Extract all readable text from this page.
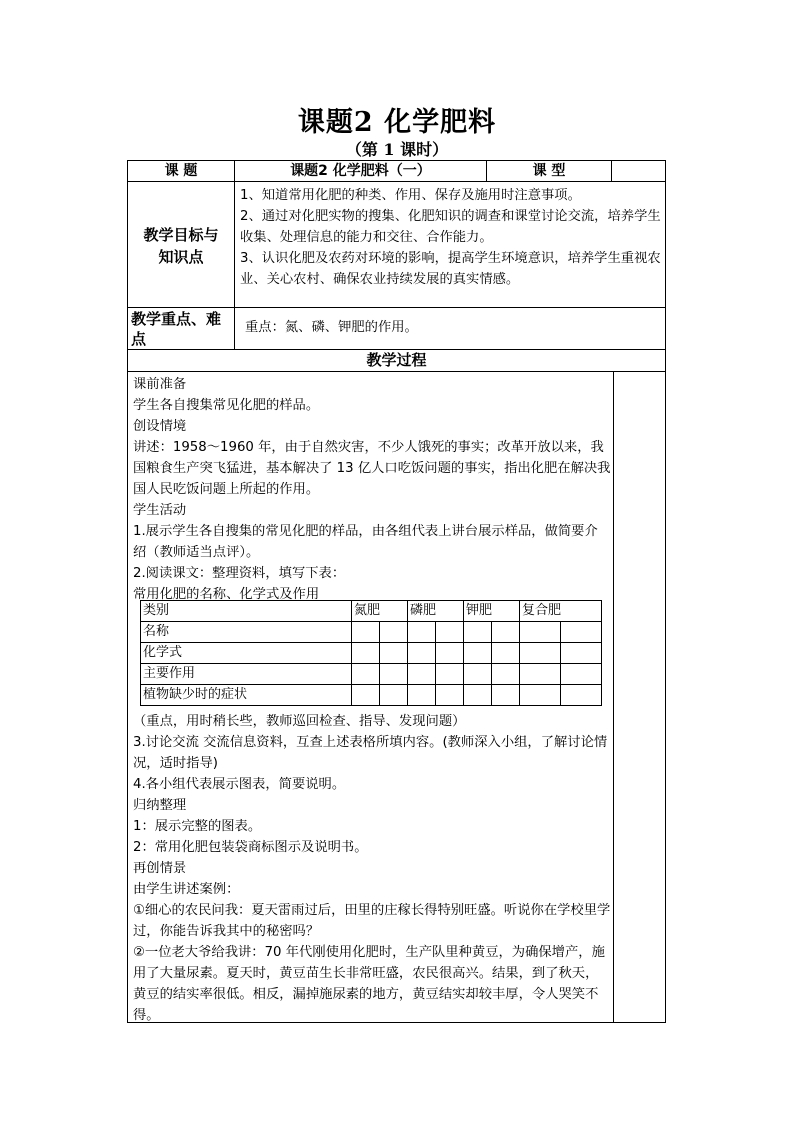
课题2 化学肥料
（第 1 课时）
课 题	课题2 化学肥料（一）	课 型
教学目标与
知识点
1、知道常用化肥的种类、作用、保存及施用时注意事项。
2、通过对化肥实物的搜集、化肥知识的调查和课堂讨论交流，培养学生收集、处理信息的能力和交往、合作能力。
3、认识化肥及农药对环境的影响，提高学生环境意识，培养学生重视农业、关心农村、确保农业持续发展的真实情感。
教学重点、难
点
重点：氮、磷、钾肥的作用。
教学过程

课前准备

学生各自搜集常见化肥的样品。

创设情境

讲述：1958～1960 年，由于自然灾害，不少人饿死的事实；改革开放以来，我国粮食生产突飞猛进，基本解决了 13 亿人口吃饭问题的事实，指出化肥在解决我国人民吃饭问题上所起的作用。

学生活动

1.展示学生各自搜集的常见化肥的样品，由各组代表上讲台展示样品，做简要介绍（教师适当点评）。

2.阅读课文：整理资料，填写下表：

常用化肥的名称、化学式及作用

类别	氮肥		磷肥		钾肥		复合肥	
名称								
化学式								
主要作用								
植物缺少时的症状								

（重点，用时稍长些，教师巡回检查、指导、发现问题）

3.讨论交流 交流信息资料，互查上述表格所填内容。(教师深入小组，了解讨论情况，适时指导)

4.各小组代表展示图表，简要说明。

归纳整理

1：展示完整的图表。

2：常用化肥包装袋商标图示及说明书。

再创情景

由学生讲述案例：

①细心的农民问我：夏天雷雨过后，田里的庄稼长得特别旺盛。听说你在学校里学过，你能告诉我其中的秘密吗？

②一位老大爷给我讲：70 年代刚使用化肥时，生产队里种黄豆，为确保增产，施用了大量尿素。夏天时，黄豆苗生长非常旺盛，农民很高兴。结果，到了秋天，黄豆的结实率很低。相反，漏掉施尿素的地方，黄豆结实却较丰厚，令人哭笑不得。
